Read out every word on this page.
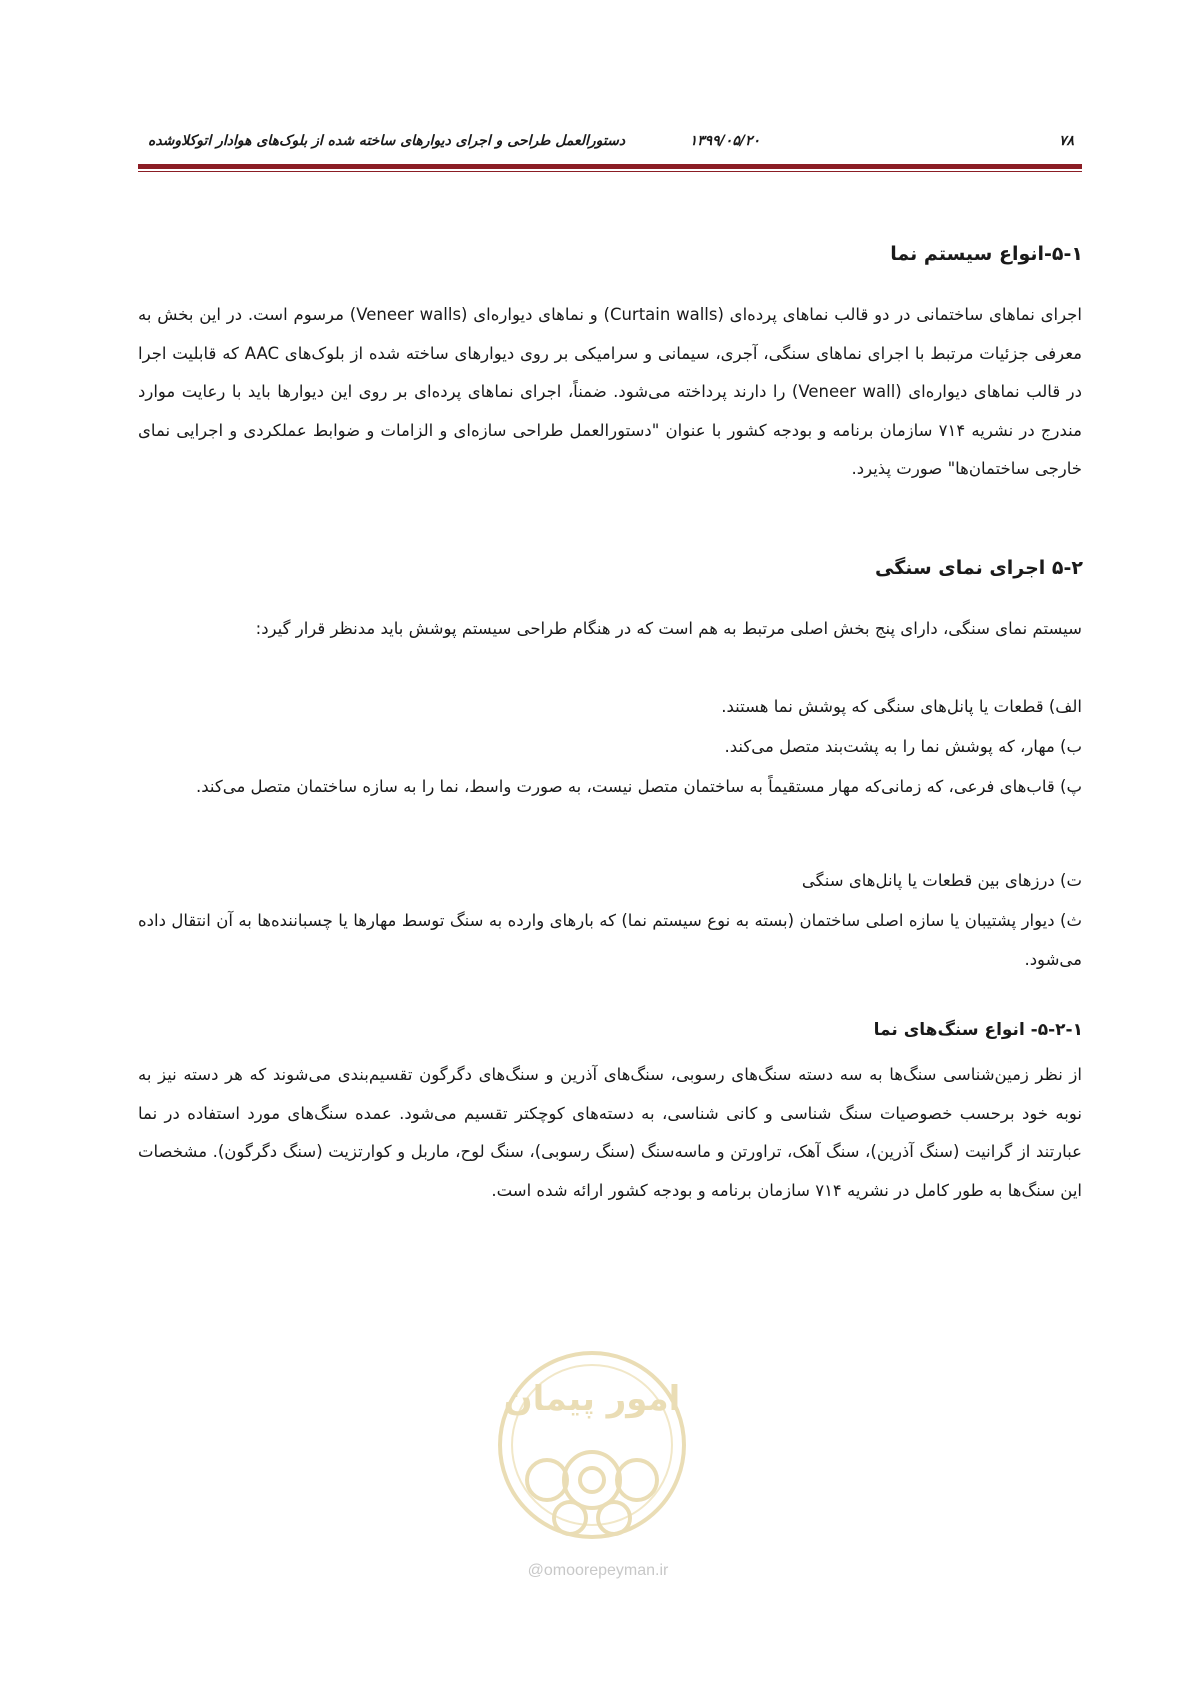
۷۸
۱۳۹۹/۰۵/۲۰
دستورالعمل طراحی و اجرای دیوارهای ساخته شده از بلوک‌های هوادار اتوکلاوشده
۵-۱-انواع سیستم نما

اجرای نماهای ساختمانی در دو قالب نماهای پرده‌ای (Curtain walls) و نماهای دیواره‌ای (Veneer walls) مرسوم است. در این بخش به معرفی جزئیات مرتبط با اجرای نماهای سنگی، آجری، سیمانی و سرامیکی بر روی دیوارهای ساخته شده از بلوک‌های AAC که قابلیت اجرا در قالب نماهای دیواره‌ای (Veneer wall) را دارند پرداخته می‌شود. ضمناً، اجرای نماهای پرده‌ای بر روی این دیوارها باید با رعایت موارد مندرج در نشریه ۷۱۴ سازمان برنامه و بودجه کشور با عنوان "دستورالعمل طراحی سازه‌ای و الزامات و ضوابط عملکردی و اجرایی نمای خارجی ساختمان‌ها" صورت پذیرد.

۵-۲ اجرای نمای سنگی

سیستم نمای سنگی، دارای پنج بخش اصلی مرتبط به هم است که در هنگام طراحی سیستم پوشش باید مدنظر قرار گیرد:

الف) قطعات یا پانل‌های سنگی که پوشش نما هستند.

ب) مهار، که پوشش نما را به پشت‌بند متصل می‌کند.

پ) قاب‌های فرعی، که زمانی‌که مهار مستقیماً به ساختمان متصل نیست، به صورت واسط، نما را به سازه ساختمان متصل می‌کند.

ت) درزهای بین قطعات یا پانل‌های سنگی

ث) دیوار پشتیبان یا سازه اصلی ساختمان (بسته به نوع سیستم نما) که بارهای وارده به سنگ توسط مهارها یا چسباننده‌ها به آن انتقال داده می‌شود.

۵-۲-۱- انواع سنگ‌های نما

از نظر زمین‌شناسی سنگ‌ها به سه دسته سنگ‌های رسوبی، سنگ‌های آذرین و سنگ‌های دگرگون تقسیم‌بندی می‌شوند که هر دسته نیز به نوبه خود برحسب خصوصیات سنگ شناسی و کانی شناسی، به دسته‌های کوچکتر تقسیم می‌شود. عمده سنگ‌های مورد استفاده در نما عبارتند از گرانیت (سنگ آذرین)، سنگ آهک، تراورتن و ماسه‌سنگ (سنگ رسوبی)، سنگ لوح، ماربل و کوارتزیت (سنگ دگرگون). مشخصات این سنگ‌ها به طور کامل در نشریه ۷۱۴ سازمان برنامه و بودجه کشور ارائه شده است.

امور پیمان
@omoorepeyman.ir
